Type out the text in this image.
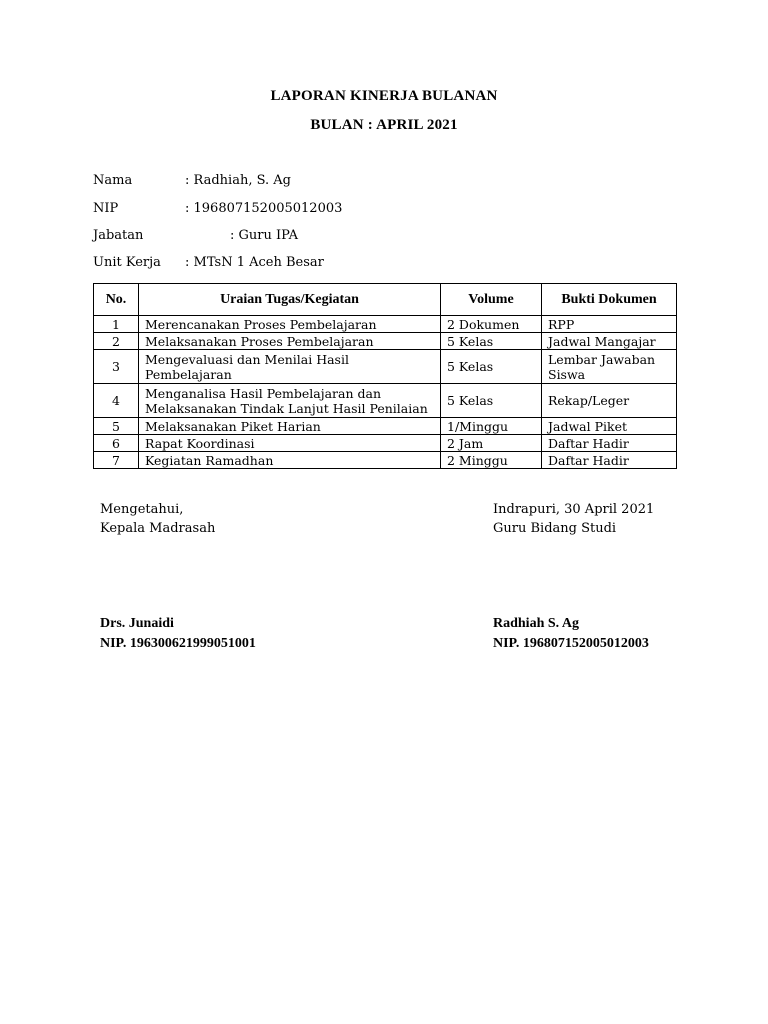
LAPORAN KINERJA BULANAN
BULAN : APRIL 2021
Nama	: Radhiah, S. Ag
NIP	: 196807152005012003
Jabatan	: Guru IPA
Unit Kerja : MTsN 1 Aceh Besar
No.	Uraian Tugas/Kegiatan	Volume	Bukti Dokumen
1	Merencanakan Proses Pembelajaran	2 Dokumen	RPP
2	Melaksanakan Proses Pembelajaran	5 Kelas	Jadwal Mangajar
3	Mengevaluasi dan Menilai Hasil Pembelajaran	5 Kelas	Lembar Jawaban Siswa
4	Menganalisa Hasil Pembelajaran dan Melaksanakan Tindak Lanjut Hasil Penilaian	5 Kelas	Rekap/Leger
5	Melaksanakan Piket Harian	1/Minggu	Jadwal Piket
6	Rapat Koordinasi	2 Jam	Daftar Hadir
7	Kegiatan Ramadhan	2 Minggu	Daftar Hadir
Mengetahui,
Kepala Madrasah
Drs. Junaidi
NIP. 196300621999051001
Indrapuri, 30 April 2021
Guru Bidang Studi
Radhiah S. Ag
NIP. 196807152005012003
